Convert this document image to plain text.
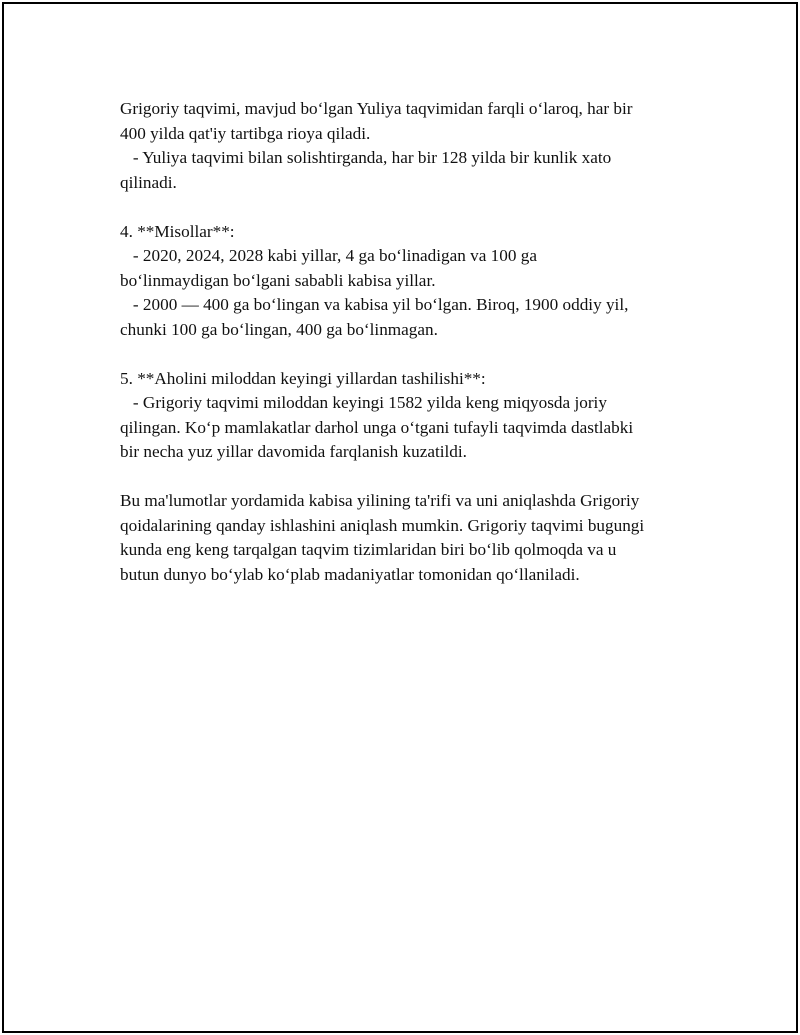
Grigoriy taqvimi, mavjud bo‘lgan Yuliya taqvimidan farqli o‘laroq, har bir
400 yilda qat'iy tartibga rioya qiladi.
- Yuliya taqvimi bilan solishtirganda, har bir 128 yilda bir kunlik xato
qilinadi.
4. **Misollar**:
- 2020, 2024, 2028 kabi yillar, 4 ga bo‘linadigan va 100 ga
bo‘linmaydigan bo‘lgani sababli kabisa yillar.
- 2000 — 400 ga bo‘lingan va kabisa yil bo‘lgan. Biroq, 1900 oddiy yil,
chunki 100 ga bo‘lingan, 400 ga bo‘linmagan.
5. **Aholini miloddan keyingi yillardan tashilishi**:
- Grigoriy taqvimi miloddan keyingi 1582 yilda keng miqyosda joriy
qilingan. Ko‘p mamlakatlar darhol unga o‘tgani tufayli taqvimda dastlabki
bir necha yuz yillar davomida farqlanish kuzatildi.
Bu ma'lumotlar yordamida kabisa yilining ta'rifi va uni aniqlashda Grigoriy
qoidalarining qanday ishlashini aniqlash mumkin. Grigoriy taqvimi bugungi
kunda eng keng tarqalgan taqvim tizimlaridan biri bo‘lib qolmoqda va u
butun dunyo bo‘ylab ko‘plab madaniyatlar tomonidan qo‘llaniladi.
